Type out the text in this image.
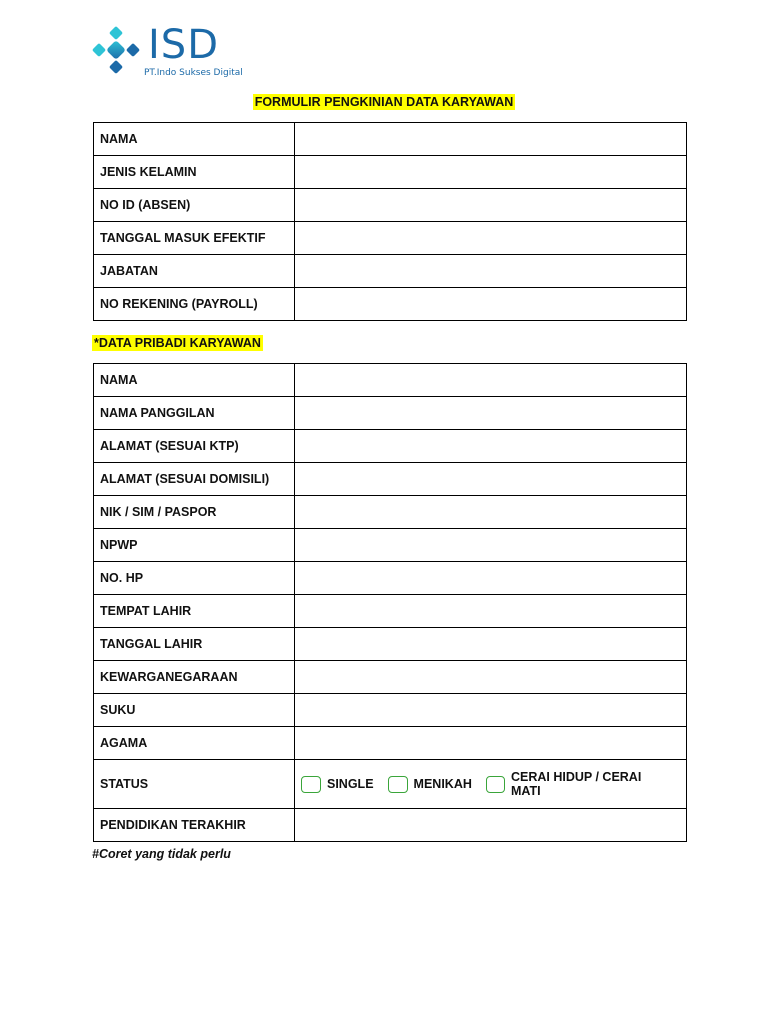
ISD
PT.Indo Sukses Digital
FORMULIR PENGKINIAN DATA KARYAWAN
NAMA	
JENIS KELAMIN	
NO ID (ABSEN)	
TANGGAL MASUK EFEKTIF	
JABATAN	
NO REKENING (PAYROLL)	
*DATA PRIBADI KARYAWAN
NAMA	
NAMA PANGGILAN	
ALAMAT (SESUAI KTP)	
ALAMAT (SESUAI DOMISILI)	
NIK / SIM / PASPOR	
NPWP	
NO. HP	
TEMPAT LAHIR	
TANGGAL LAHIR	
KEWARGANEGARAAN	
SUKU	
AGAMA	
STATUS	SINGLE MENIKAH CERAI HIDUP / CERAI MATI

PENDIDIKAN TERAKHIR	
#Coret yang tidak perlu
